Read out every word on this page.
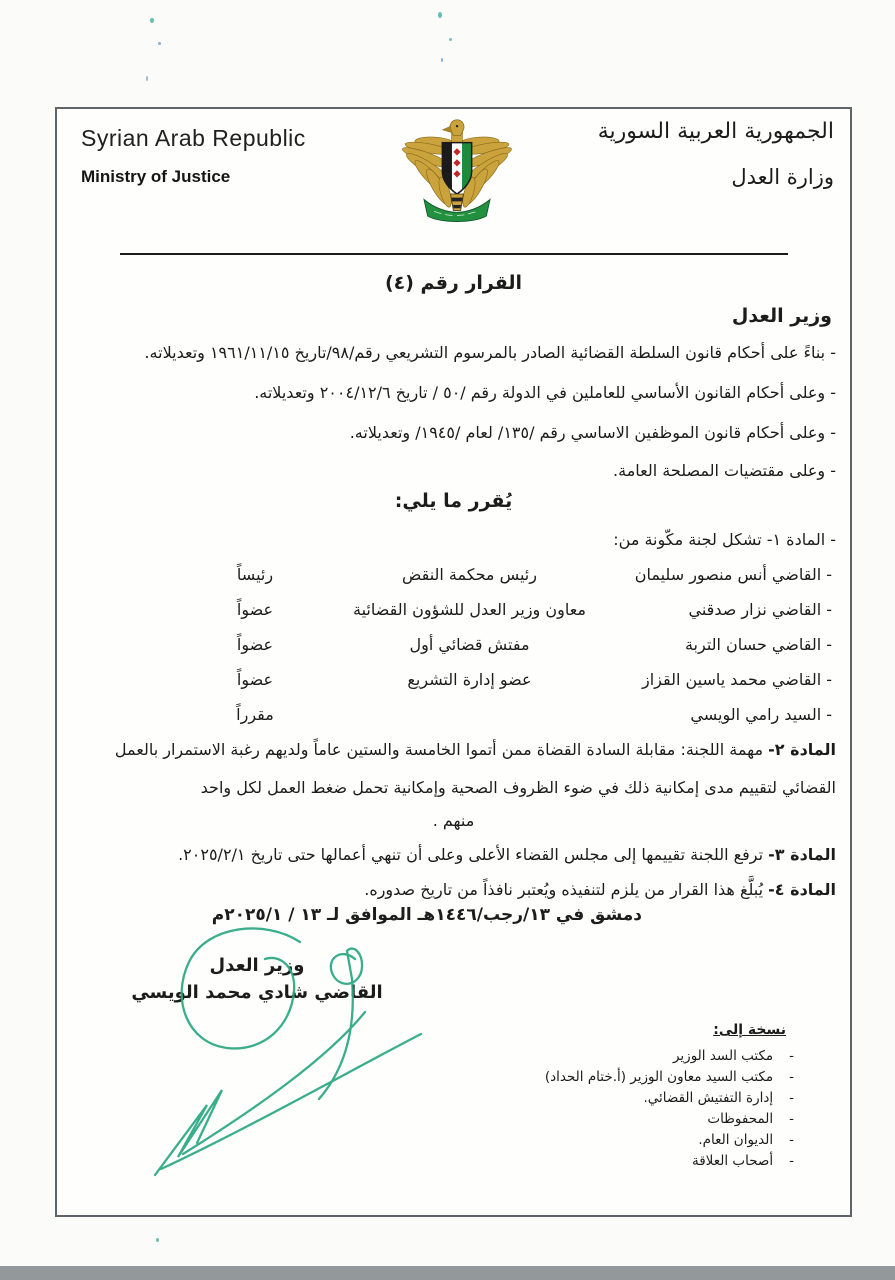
Syrian Arab Republic
Ministry of Justice
الجمهورية العربية السورية
وزارة العدل
القرار رقم (٤)
وزير العدل
- بناءً على أحكام قانون السلطة القضائية الصادر بالمرسوم التشريعي رقم/٩٨/تاريخ ١٩٦١/١١/١٥ وتعديلاته.
- وعلى أحكام القانون الأساسي للعاملين في الدولة رقم /٥٠ / تاريخ ٢٠٠٤/١٢/٦ وتعديلاته.
- وعلى أحكام قانون الموظفين الاساسي رقم /١٣٥/ لعام /١٩٤٥/ وتعديلاته.
- وعلى مقتضيات المصلحة العامة.
يُقرر ما يلي:
- المادة ١- تشكل لجنة مكّونة من:
- القاضي أنس منصور سليمان
رئيس محكمة النقض
رئيساً
- القاضي نزار صدقني
معاون وزير العدل للشؤون القضائية
عضواً
- القاضي حسان التربة
مفتش قضائي أول
عضواً
- القاضي محمد ياسين القزاز
عضو إدارة التشريع
عضواً
- السيد رامي الويسي
مقرراً
المادة ٢- مهمة اللجنة: مقابلة السادة القضاة ممن أتموا الخامسة والستين عاماً ولديهم رغبة الاستمرار بالعمل
القضائي لتقييم مدى إمكانية ذلك في ضوء الظروف الصحية وإمكانية تحمل ضغط العمل لكل واحد
منهم .
المادة ٣- ترفع اللجنة تقييمها إلى مجلس القضاء الأعلى وعلى أن تنهي أعمالها حتى تاريخ ٢٠٢٥/٢/١.
المادة ٤- يُبلَّغ هذا القرار من يلزم لتنفيذه ويُعتبر نافذاً من تاريخ صدوره.
دمشق في ١٣/رجب/١٤٤٦هـ الموافق لـ ١٣ / ٢٠٢٥/١م
وزير العدل
القاضي شادي محمد الويسي
نسخة إلى:
-مكتب السد الوزير
-مكتب السيد معاون الوزير (أ.ختام الحداد)
-إدارة التفتيش القضائي.
-المحفوظات
-الديوان العام.
-أصحاب العلاقة
